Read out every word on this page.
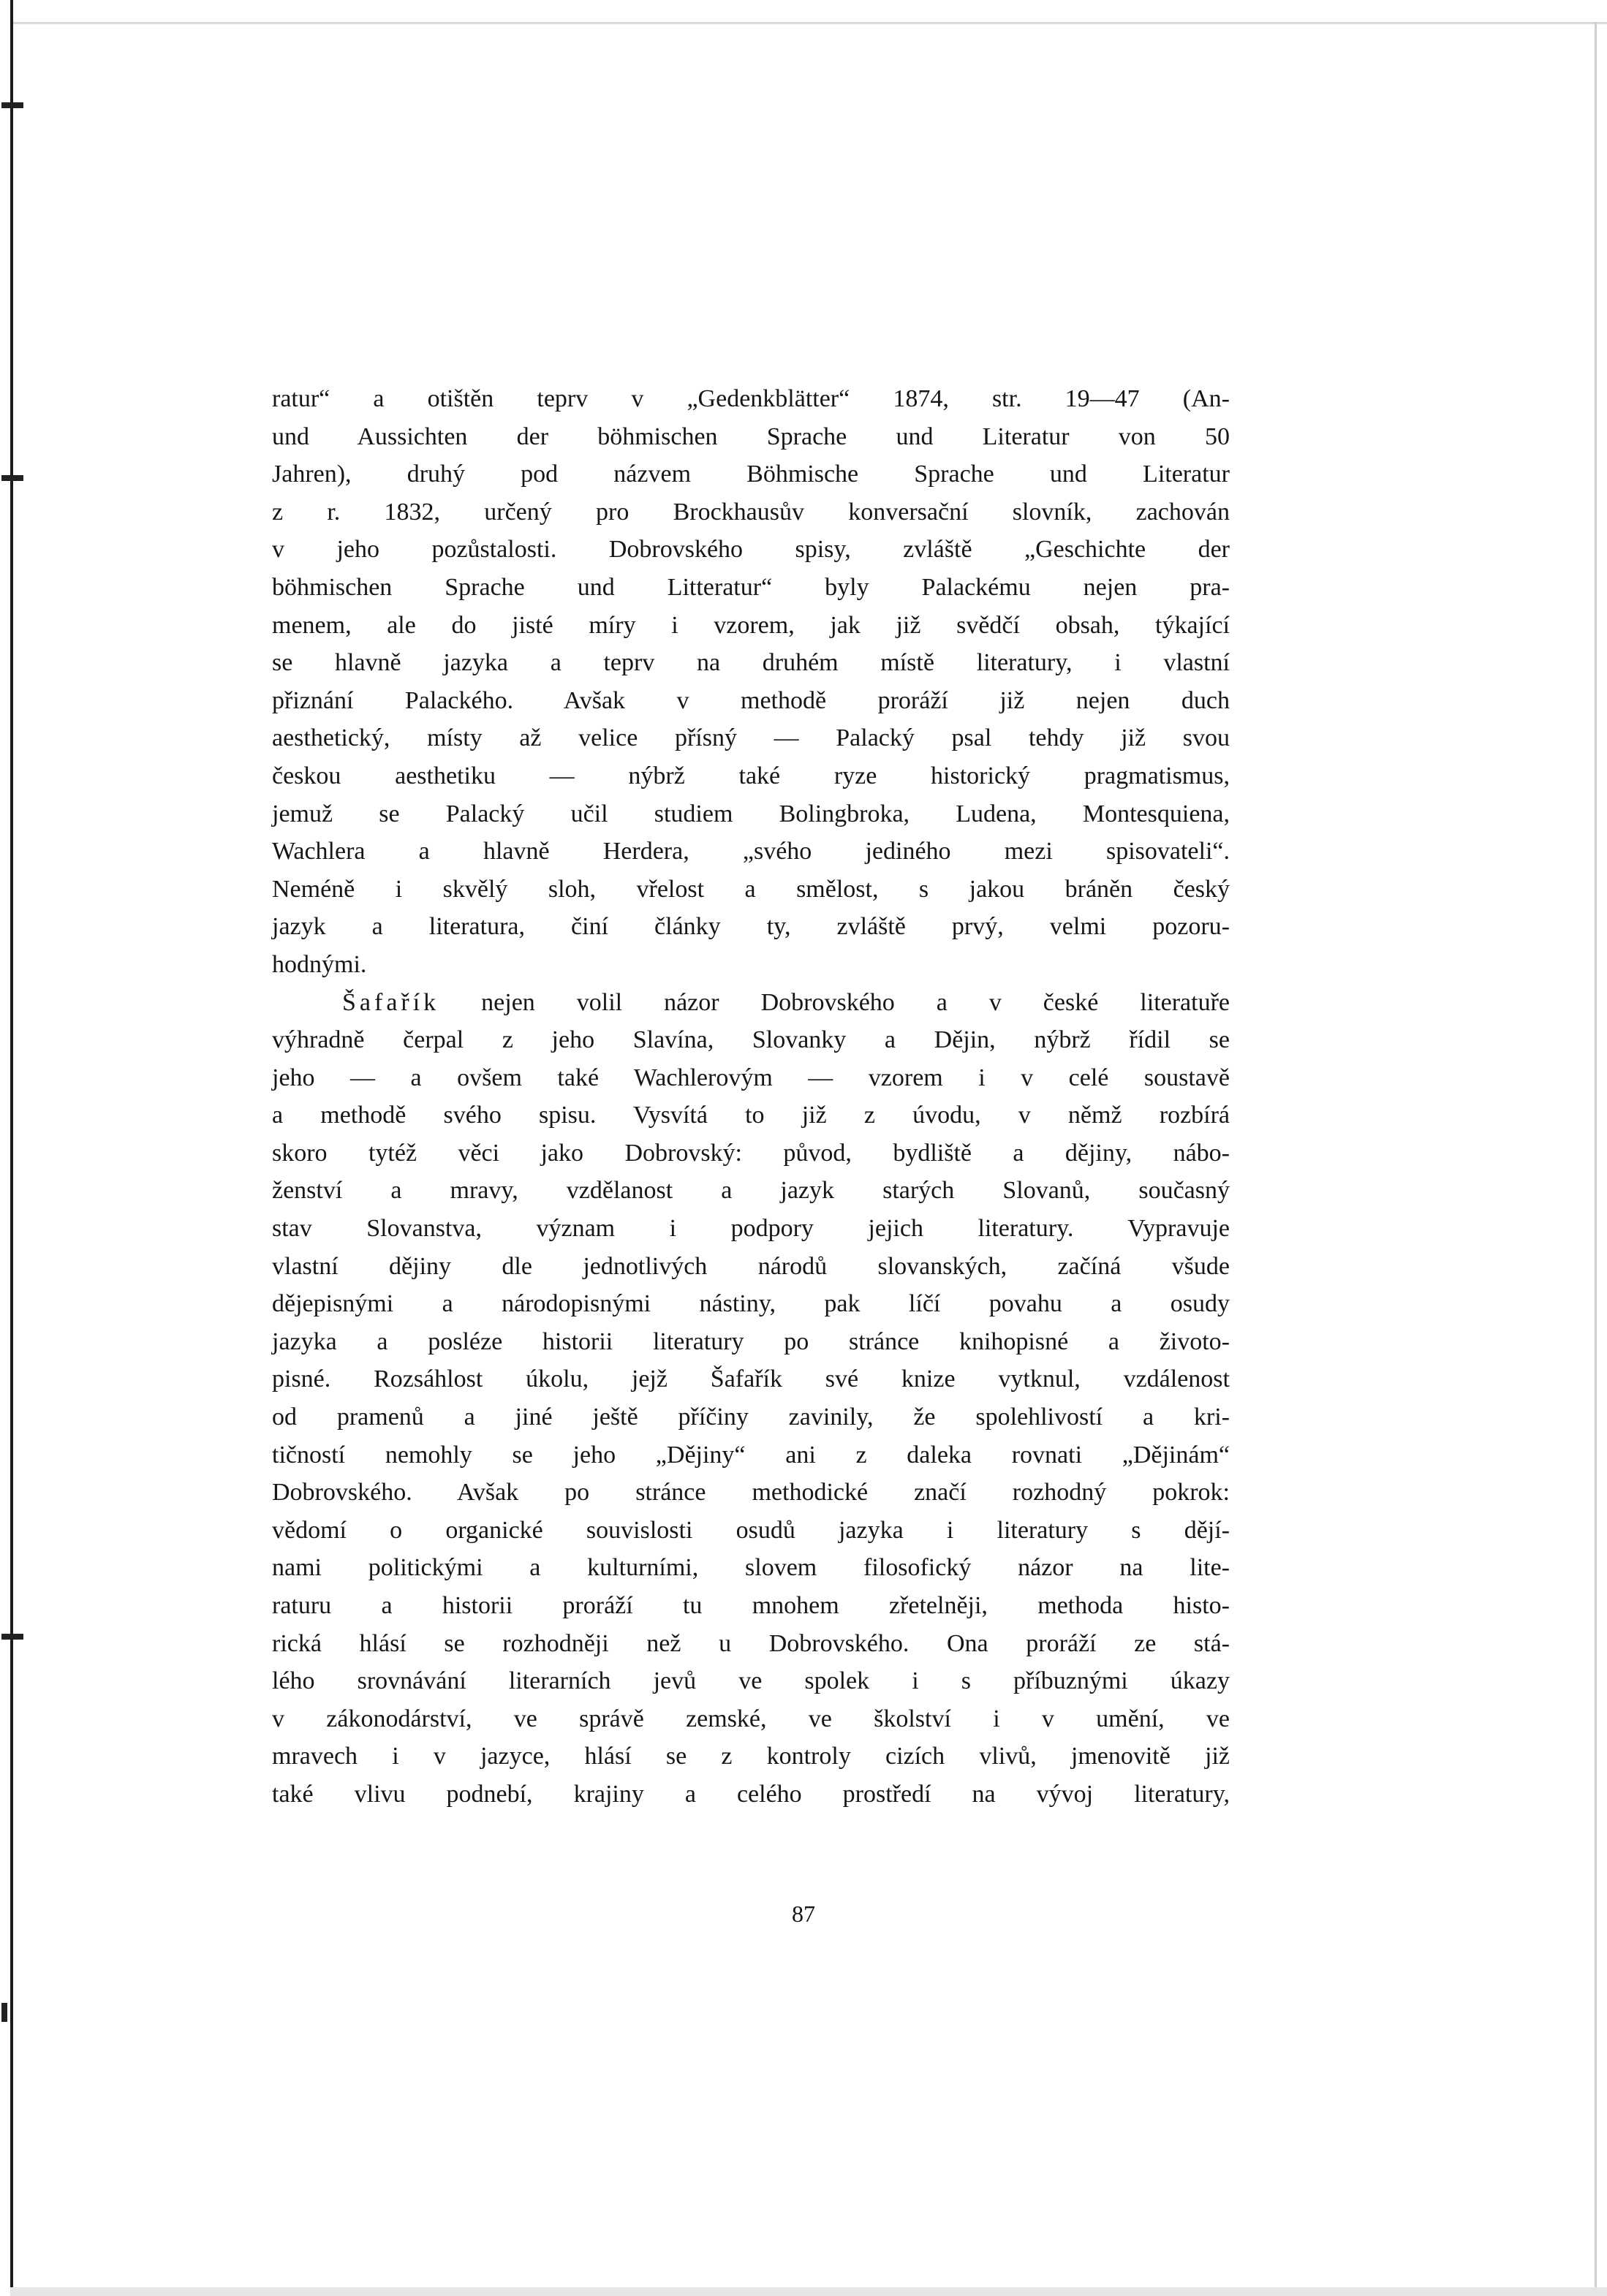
ratur“ a otištěn teprv v „Gedenkblätter“ 1874, str. 19—47 (An-
und Aussichten der böhmischen Sprache und Literatur von 50
Jahren), druhý pod názvem Böhmische Sprache und Literatur
z r. 1832, určený pro Brockhausův konversační slovník, zachován
v jeho pozůstalosti. Dobrovského spisy, zvláště „Geschichte der
böhmischen Sprache und Litteratur“ byly Palackému nejen pra-
menem, ale do jisté míry i vzorem, jak již svědčí obsah, týkající
se hlavně jazyka a teprv na druhém místě literatury, i vlastní
přiznání Palackého. Avšak v methodě proráží již nejen duch
aesthetický, místy až velice přísný — Palacký psal tehdy již svou
českou aesthetiku — nýbrž také ryze historický pragmatismus,
jemuž se Palacký učil studiem Bolingbroka, Ludena, Montesquiena,
Wachlera a hlavně Herdera, „svého jediného mezi spisovateli“.
Neméně i skvělý sloh, vřelost a smělost, s jakou bráněn český
jazyk a literatura, činí články ty, zvláště prvý, velmi pozoru-
hodnými.
Šafařík nejen volil názor Dobrovského a v české literatuře
výhradně čerpal z jeho Slavína, Slovanky a Dějin, nýbrž řídil se
jeho — a ovšem také Wachlerovým — vzorem i v celé soustavě
a methodě svého spisu. Vysvítá to již z úvodu, v němž rozbírá
skoro tytéž věci jako Dobrovský: původ, bydliště a dějiny, nábo-
ženství a mravy, vzdělanost a jazyk starých Slovanů, současný
stav Slovanstva, význam i podpory jejich literatury. Vypravuje
vlastní dějiny dle jednotlivých národů slovanských, začíná všude
dějepisnými a národopisnými nástiny, pak líčí povahu a osudy
jazyka a posléze historii literatury po stránce knihopisné a životo-
pisné. Rozsáhlost úkolu, jejž Šafařík své knize vytknul, vzdálenost
od pramenů a jiné ještě příčiny zavinily, že spolehlivostí a kri-
tičností nemohly se jeho „Dějiny“ ani z daleka rovnati „Dějinám“
Dobrovského. Avšak po stránce methodické značí rozhodný pokrok:
vědomí o organické souvislosti osudů jazyka i literatury s dějí-
nami politickými a kulturními, slovem filosofický názor na lite-
raturu a historii proráží tu mnohem zřetelněji, methoda histo-
rická hlásí se rozhodněji než u Dobrovského. Ona proráží ze stá-
lého srovnávání literarních jevů ve spolek i s příbuznými úkazy
v zákonodárství, ve správě zemské, ve školství i v umění, ve
mravech i v jazyce, hlásí se z kontroly cizích vlivů, jmenovitě již
také vlivu podnebí, krajiny a celého prostředí na vývoj literatury,
87
